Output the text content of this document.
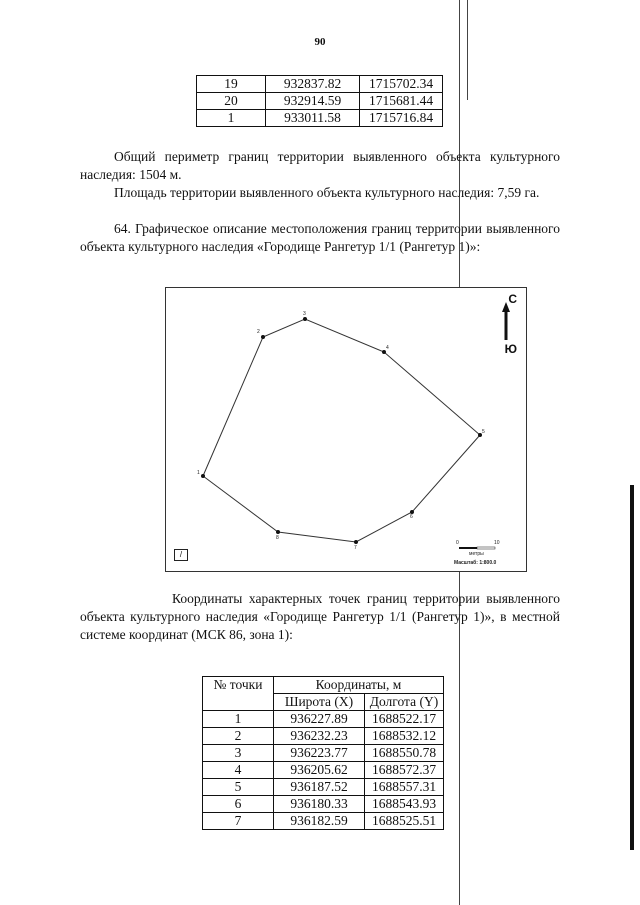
90
19	932837.82	1715702.34
20	932914.59	1715681.44
1	933011.58	1715716.84

Общий периметр границ территории выявленного объекта культурного наследия: 1504 м.

Площадь территории выявленного объекта культурного наследия: 7,59 га.

64. Графическое описание местоположения границ территории выявленного объекта культурного наследия «Городище Рангетур 1/1 (Рангетур 1)»:

1
2
3
4
5
6
7
8
С
Ю
0	10
метры
Масштаб: 1:800.0
/

Координаты характерных точек границ территории выявленного объекта культурного наследия «Городище Рангетур 1/1 (Рангетур 1)», в местной системе координат (МСК 86, зона 1):

№ точки	Координаты, м	
	Широта (X)	Долгота (Y)
1	936227.89	1688522.17
2	936232.23	1688532.12
3	936223.77	1688550.78
4	936205.62	1688572.37
5	936187.52	1688557.31
6	936180.33	1688543.93
7	936182.59	1688525.51
